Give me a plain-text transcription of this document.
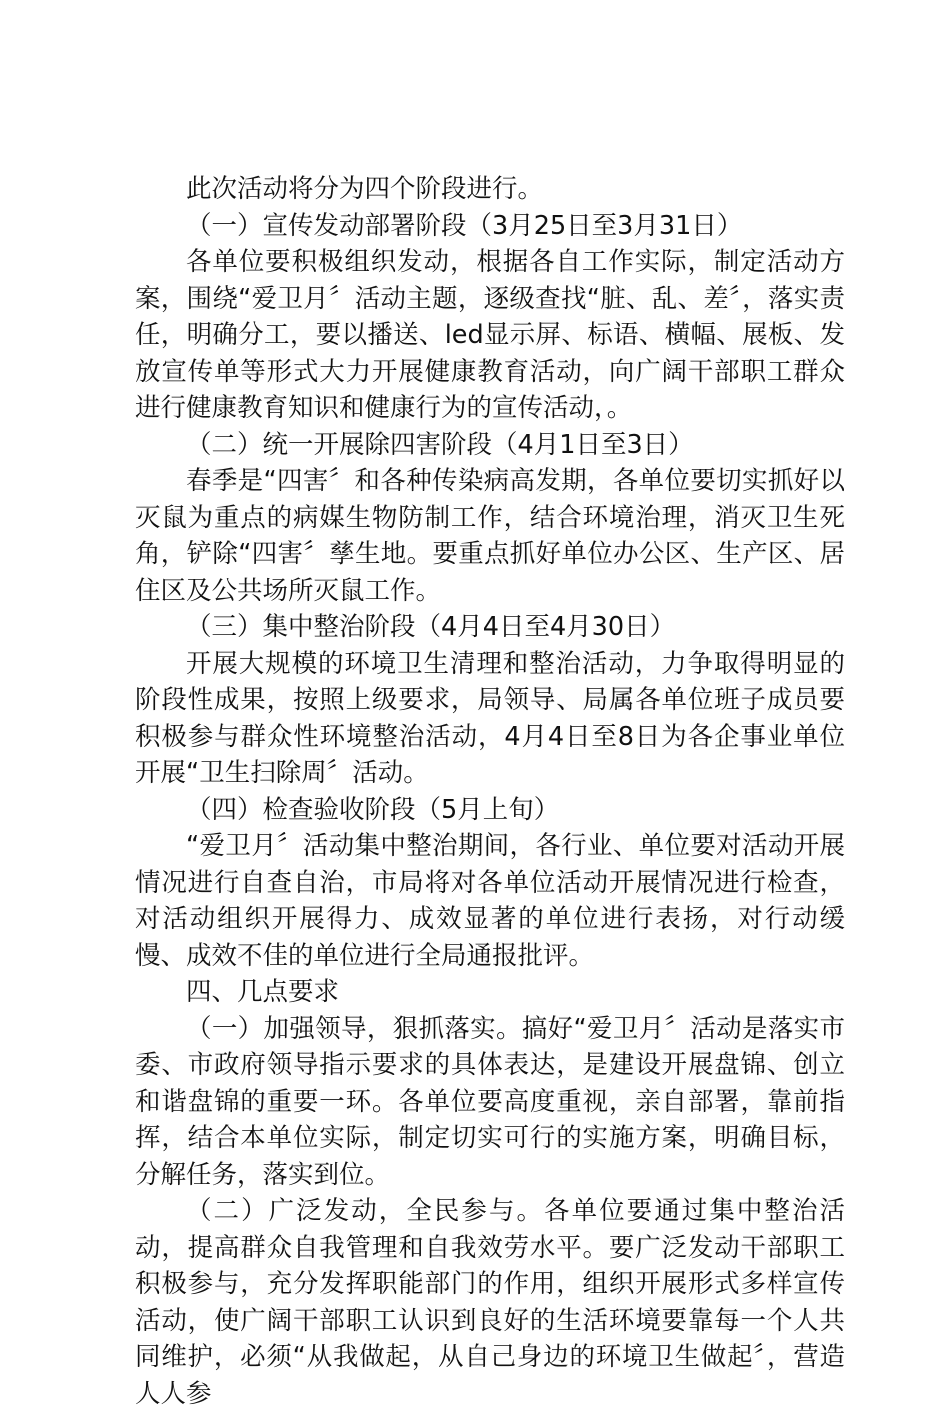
此次活动将分为四个阶段进行。

（一）宣传发动部署阶段（3月25日至3月31日）

各单位要积极组织发动，根据各自工作实际，制定活动方案，围绕“爱卫月〞活动主题，逐级查找“脏、乱、差〞，落实责任，明确分工，要以播送、led显示屏、标语、横幅、展板、发放宣传单等形式大力开展健康教育活动，向广阔干部职工群众进行健康教育知识和健康行为的宣传活动，。

（二）统一开展除四害阶段（4月1日至3日）

春季是“四害〞和各种传染病高发期，各单位要切实抓好以灭鼠为重点的病媒生物防制工作，结合环境治理，消灭卫生死角，铲除“四害〞孳生地。要重点抓好单位办公区、生产区、居住区及公共场所灭鼠工作。

（三）集中整治阶段（4月4日至4月30日）

开展大规模的环境卫生清理和整治活动，力争取得明显的阶段性成果，按照上级要求，局领导、局属各单位班子成员要积极参与群众性环境整治活动，4月4日至8日为各企事业单位开展“卫生扫除周〞活动。

（四）检查验收阶段（5月上旬）

“爱卫月〞活动集中整治期间，各行业、单位要对活动开展情况进行自查自治，市局将对各单位活动开展情况进行检查，对活动组织开展得力、成效显著的单位进行表扬，对行动缓慢、成效不佳的单位进行全局通报批评。

四、几点要求

（一）加强领导，狠抓落实。搞好“爱卫月〞活动是落实市委、市政府领导指示要求的具体表达，是建设开展盘锦、创立和谐盘锦的重要一环。各单位要高度重视，亲自部署，靠前指挥，结合本单位实际，制定切实可行的实施方案，明确目标，分解任务，落实到位。

（二）广泛发动，全民参与。各单位要通过集中整治活动，提高群众自我管理和自我效劳水平。要广泛发动干部职工积极参与，充分发挥职能部门的作用，组织开展形式多样宣传活动，使广阔干部职工认识到良好的生活环境要靠每一个人共同维护，必须“从我做起，从自己身边的环境卫生做起〞，营造人人参
